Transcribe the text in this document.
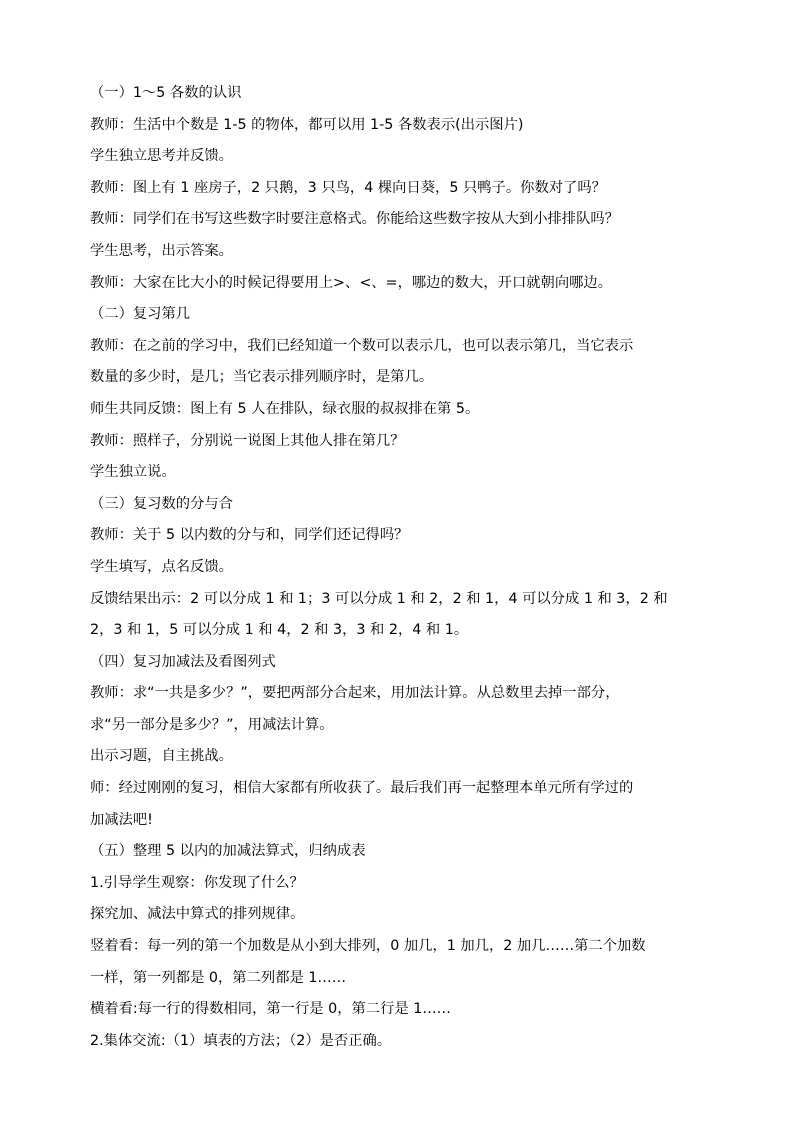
（一）1～5 各数的认识
教师：生活中个数是 1-5 的物体，都可以用 1-5 各数表示(出示图片)
学生独立思考并反馈。
教师：图上有 1 座房子，2 只鹅，3 只鸟，4 棵向日葵，5 只鸭子。你数对了吗？
教师：同学们在书写这些数字时要注意格式。你能给这些数字按从大到小排排队吗？
学生思考，出示答案。
教师：大家在比大小的时候记得要用上>、<、=，哪边的数大，开口就朝向哪边。
（二）复习第几
教师：在之前的学习中，我们已经知道一个数可以表示几，也可以表示第几，当它表示
数量的多少时，是几；当它表示排列顺序时，是第几。
师生共同反馈：图上有 5 人在排队，绿衣服的叔叔排在第 5。
教师：照样子，分别说一说图上其他人排在第几？
学生独立说。
（三）复习数的分与合
教师：关于 5 以内数的分与和，同学们还记得吗？
学生填写，点名反馈。
反馈结果出示：2 可以分成 1 和 1；3 可以分成 1 和 2，2 和 1，4 可以分成 1 和 3，2 和
2，3 和 1，5 可以分成 1 和 4，2 和 3，3 和 2，4 和 1。
（四）复习加减法及看图列式
教师：求“一共是多少？”，要把两部分合起来，用加法计算。从总数里去掉一部分，
求“另一部分是多少？”，用减法计算。
出示习题，自主挑战。
师：经过刚刚的复习，相信大家都有所收获了。最后我们再一起整理本单元所有学过的
加减法吧!
（五）整理 5 以内的加减法算式，归纳成表
1.引导学生观察：你发现了什么？
探究加、减法中算式的排列规律。
竖着看：每一列的第一个加数是从小到大排列，0 加几，1 加几，2 加几……第二个加数
一样，第一列都是 0，第二列都是 1……
横着看:每一行的得数相同，第一行是 0，第二行是 1……
2.集体交流:（1）填表的方法；（2）是否正确。
